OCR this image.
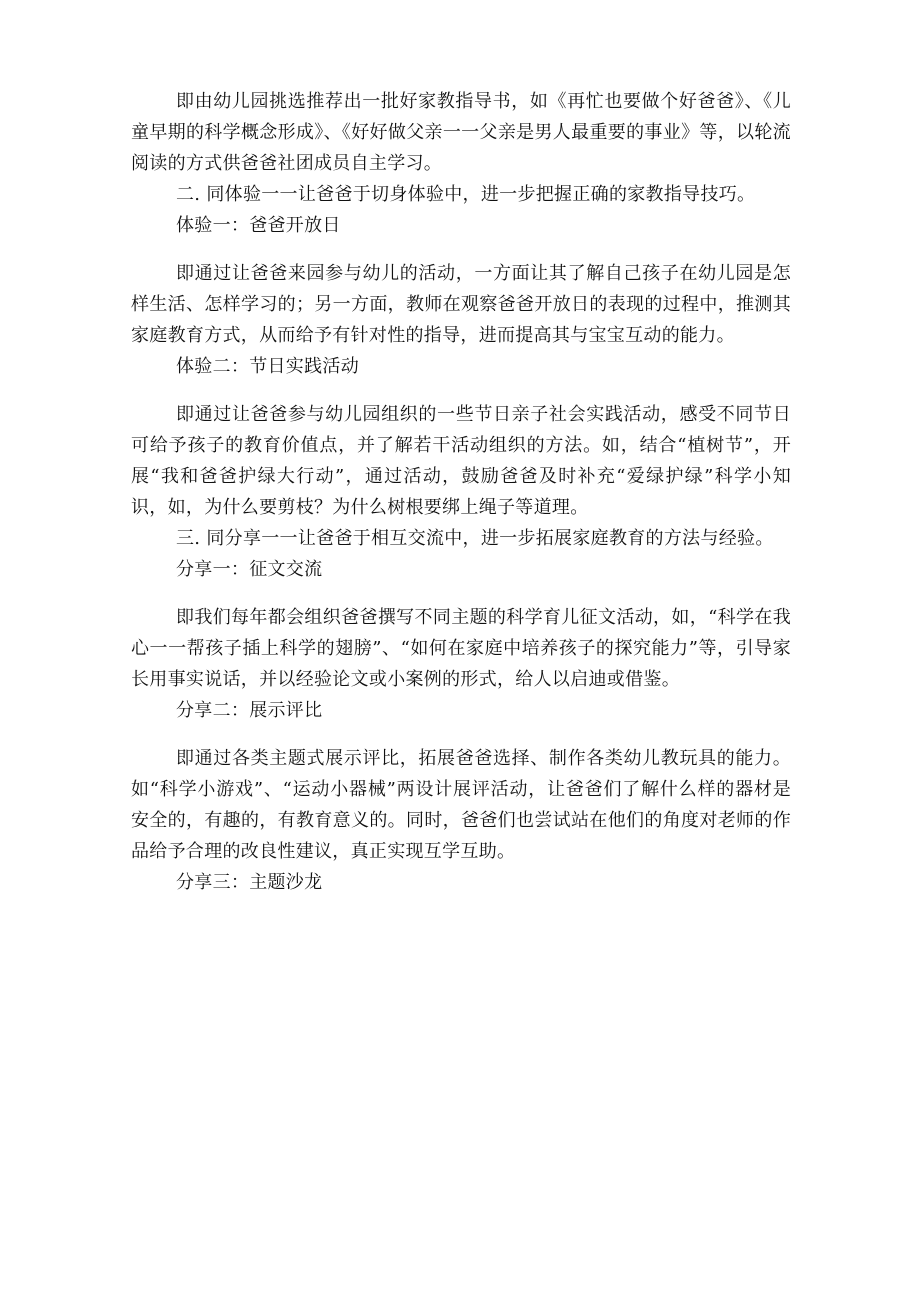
即由幼儿园挑选推荐出一批好家教指导书，如《再忙也要做个好爸爸》、《儿童早期的科学概念形成》、《好好做父亲一一父亲是男人最重要的事业》等，以轮流阅读的方式供爸爸社团成员自主学习。

二. 同体验一一让爸爸于切身体验中，进一步把握正确的家教指导技巧。

体验一：爸爸开放日

即通过让爸爸来园参与幼儿的活动，一方面让其了解自己孩子在幼儿园是怎样生活、怎样学习的；另一方面，教师在观察爸爸开放日的表现的过程中，推测其家庭教育方式，从而给予有针对性的指导，进而提高其与宝宝互动的能力。

体验二：节日实践活动

即通过让爸爸参与幼儿园组织的一些节日亲子社会实践活动，感受不同节日可给予孩子的教育价值点，并了解若干活动组织的方法。如，结合“植树节”，开展“我和爸爸护绿大行动”，通过活动，鼓励爸爸及时补充“爱绿护绿”科学小知识，如，为什么要剪枝？为什么树根要绑上绳子等道理。

三. 同分享一一让爸爸于相互交流中，进一步拓展家庭教育的方法与经验。

分享一：征文交流

即我们每年都会组织爸爸撰写不同主题的科学育儿征文活动，如，“科学在我心一一帮孩子插上科学的翅膀”、“如何在家庭中培养孩子的探究能力”等，引导家长用事实说话，并以经验论文或小案例的形式，给人以启迪或借鉴。

分享二：展示评比

即通过各类主题式展示评比，拓展爸爸选择、制作各类幼儿教玩具的能力。如“科学小游戏”、“运动小器械”两设计展评活动，让爸爸们了解什么样的器材是安全的，有趣的，有教育意义的。同时，爸爸们也尝试站在他们的角度对老师的作品给予合理的改良性建议，真正实现互学互助。

分享三：主题沙龙
